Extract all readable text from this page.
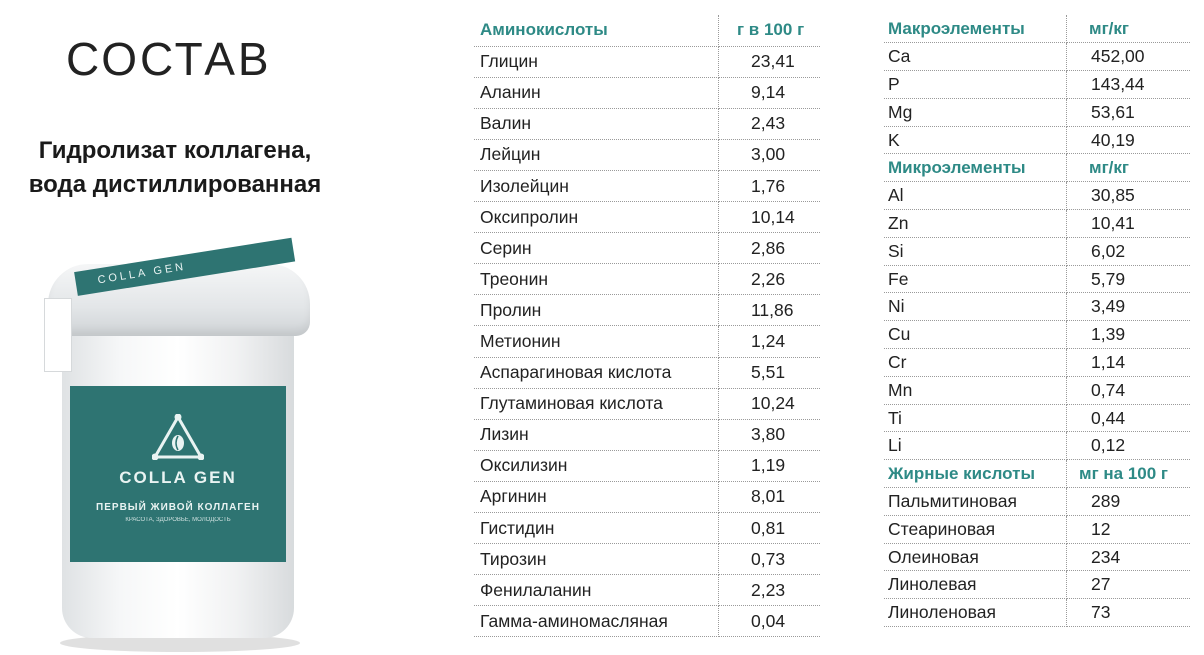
СОСТАВ
Гидролизат коллагена,
вода дистиллированная
COLLA GEN
COLLA GEN
ПЕРВЫЙ ЖИВОЙ КОЛЛАГЕН
КРАСОТА, ЗДОРОВЬЕ, МОЛОДОСТЬ
Аминокислоты	г в 100 г
Глицин	23,41
Аланин	9,14
Валин	2,43
Лейцин	3,00
Изолейцин	1,76
Оксипролин	10,14
Серин	2,86
Треонин	2,26
Пролин	11,86
Метионин	1,24
Аспарагиновая кислота	5,51
Глутаминовая кислота	10,24
Лизин	3,80
Оксилизин	1,19
Аргинин	8,01
Гистидин	0,81
Тирозин	0,73
Фенилаланин	2,23
Гамма-аминомасляная	0,04
Макроэлементы	мг/кг
Ca	452,00
P	143,44
Mg	53,61
K	40,19
Микроэлементы	мг/кг
Al	30,85
Zn	10,41
Si	6,02
Fe	5,79
Ni	3,49
Cu	1,39
Cr	1,14
Mn	0,74
Ti	0,44
Li	0,12
Жирные кислоты	мг на 100 г
Пальмитиновая	289
Стеариновая	12
Олеиновая	234
Линолевая	27
Линоленовая	73
